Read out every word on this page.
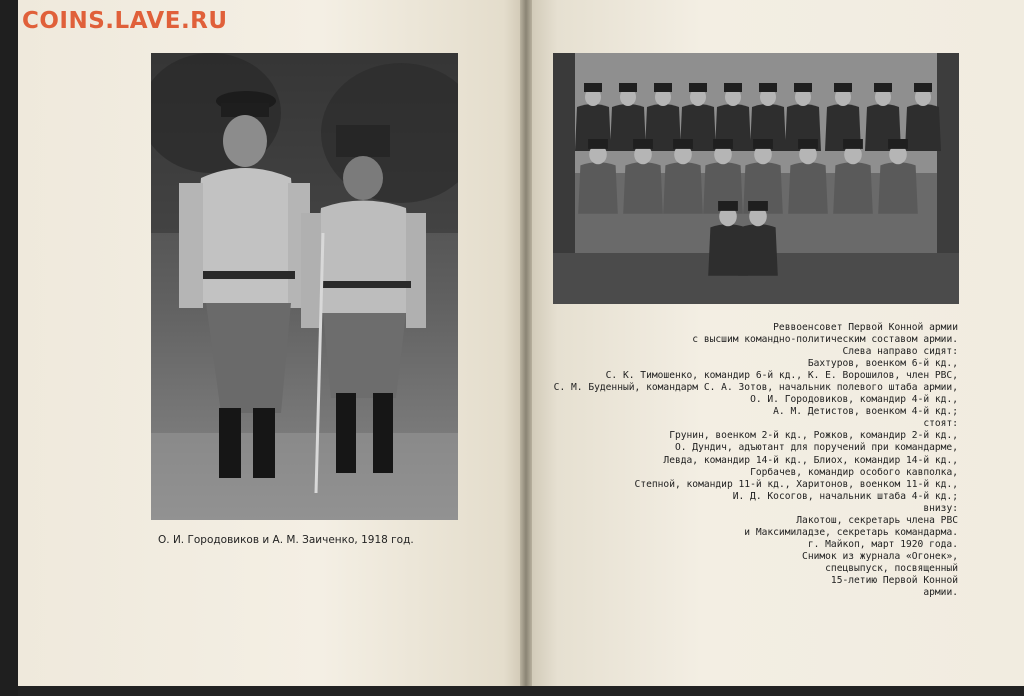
COINS.LAVE.RU
О. И. Городовиков и А. М. Заиченко, 1918 год.
Реввоенсовет Первой Конной армии
с высшим командно-политическим составом армии.
Слева направо сидят:
Бахтуров, военком 6-й кд.,
С. К. Тимошенко, командир 6-й кд., К. Е. Ворошилов, член РВС,
С. М. Буденный, командарм С. А. Зотов, начальник полевого штаба армии,
О. И. Городовиков, командир 4-й кд.,
А. М. Детистов, военком 4-й кд.;
стоят:
Грунин, военком 2-й кд., Рожков, командир 2-й кд.,
О. Дундич, адъютант для поручений при командарме,
Левда, командир 14-й кд., Блиох, командир 14-й кд.,
Горбачев, командир особого кавполка,
Степной, командир 11-й кд., Харитонов, военком 11-й кд.,
И. Д. Косогов, начальник штаба 4-й кд.;
внизу:
Лакотош, секретарь члена РВС
и Максимиладзе, секретарь командарма.
г. Майкоп, март 1920 года.
Снимок из журнала «Огонек»,
спецвыпуск, посвященный
15-летию Первой Конной
армии.
